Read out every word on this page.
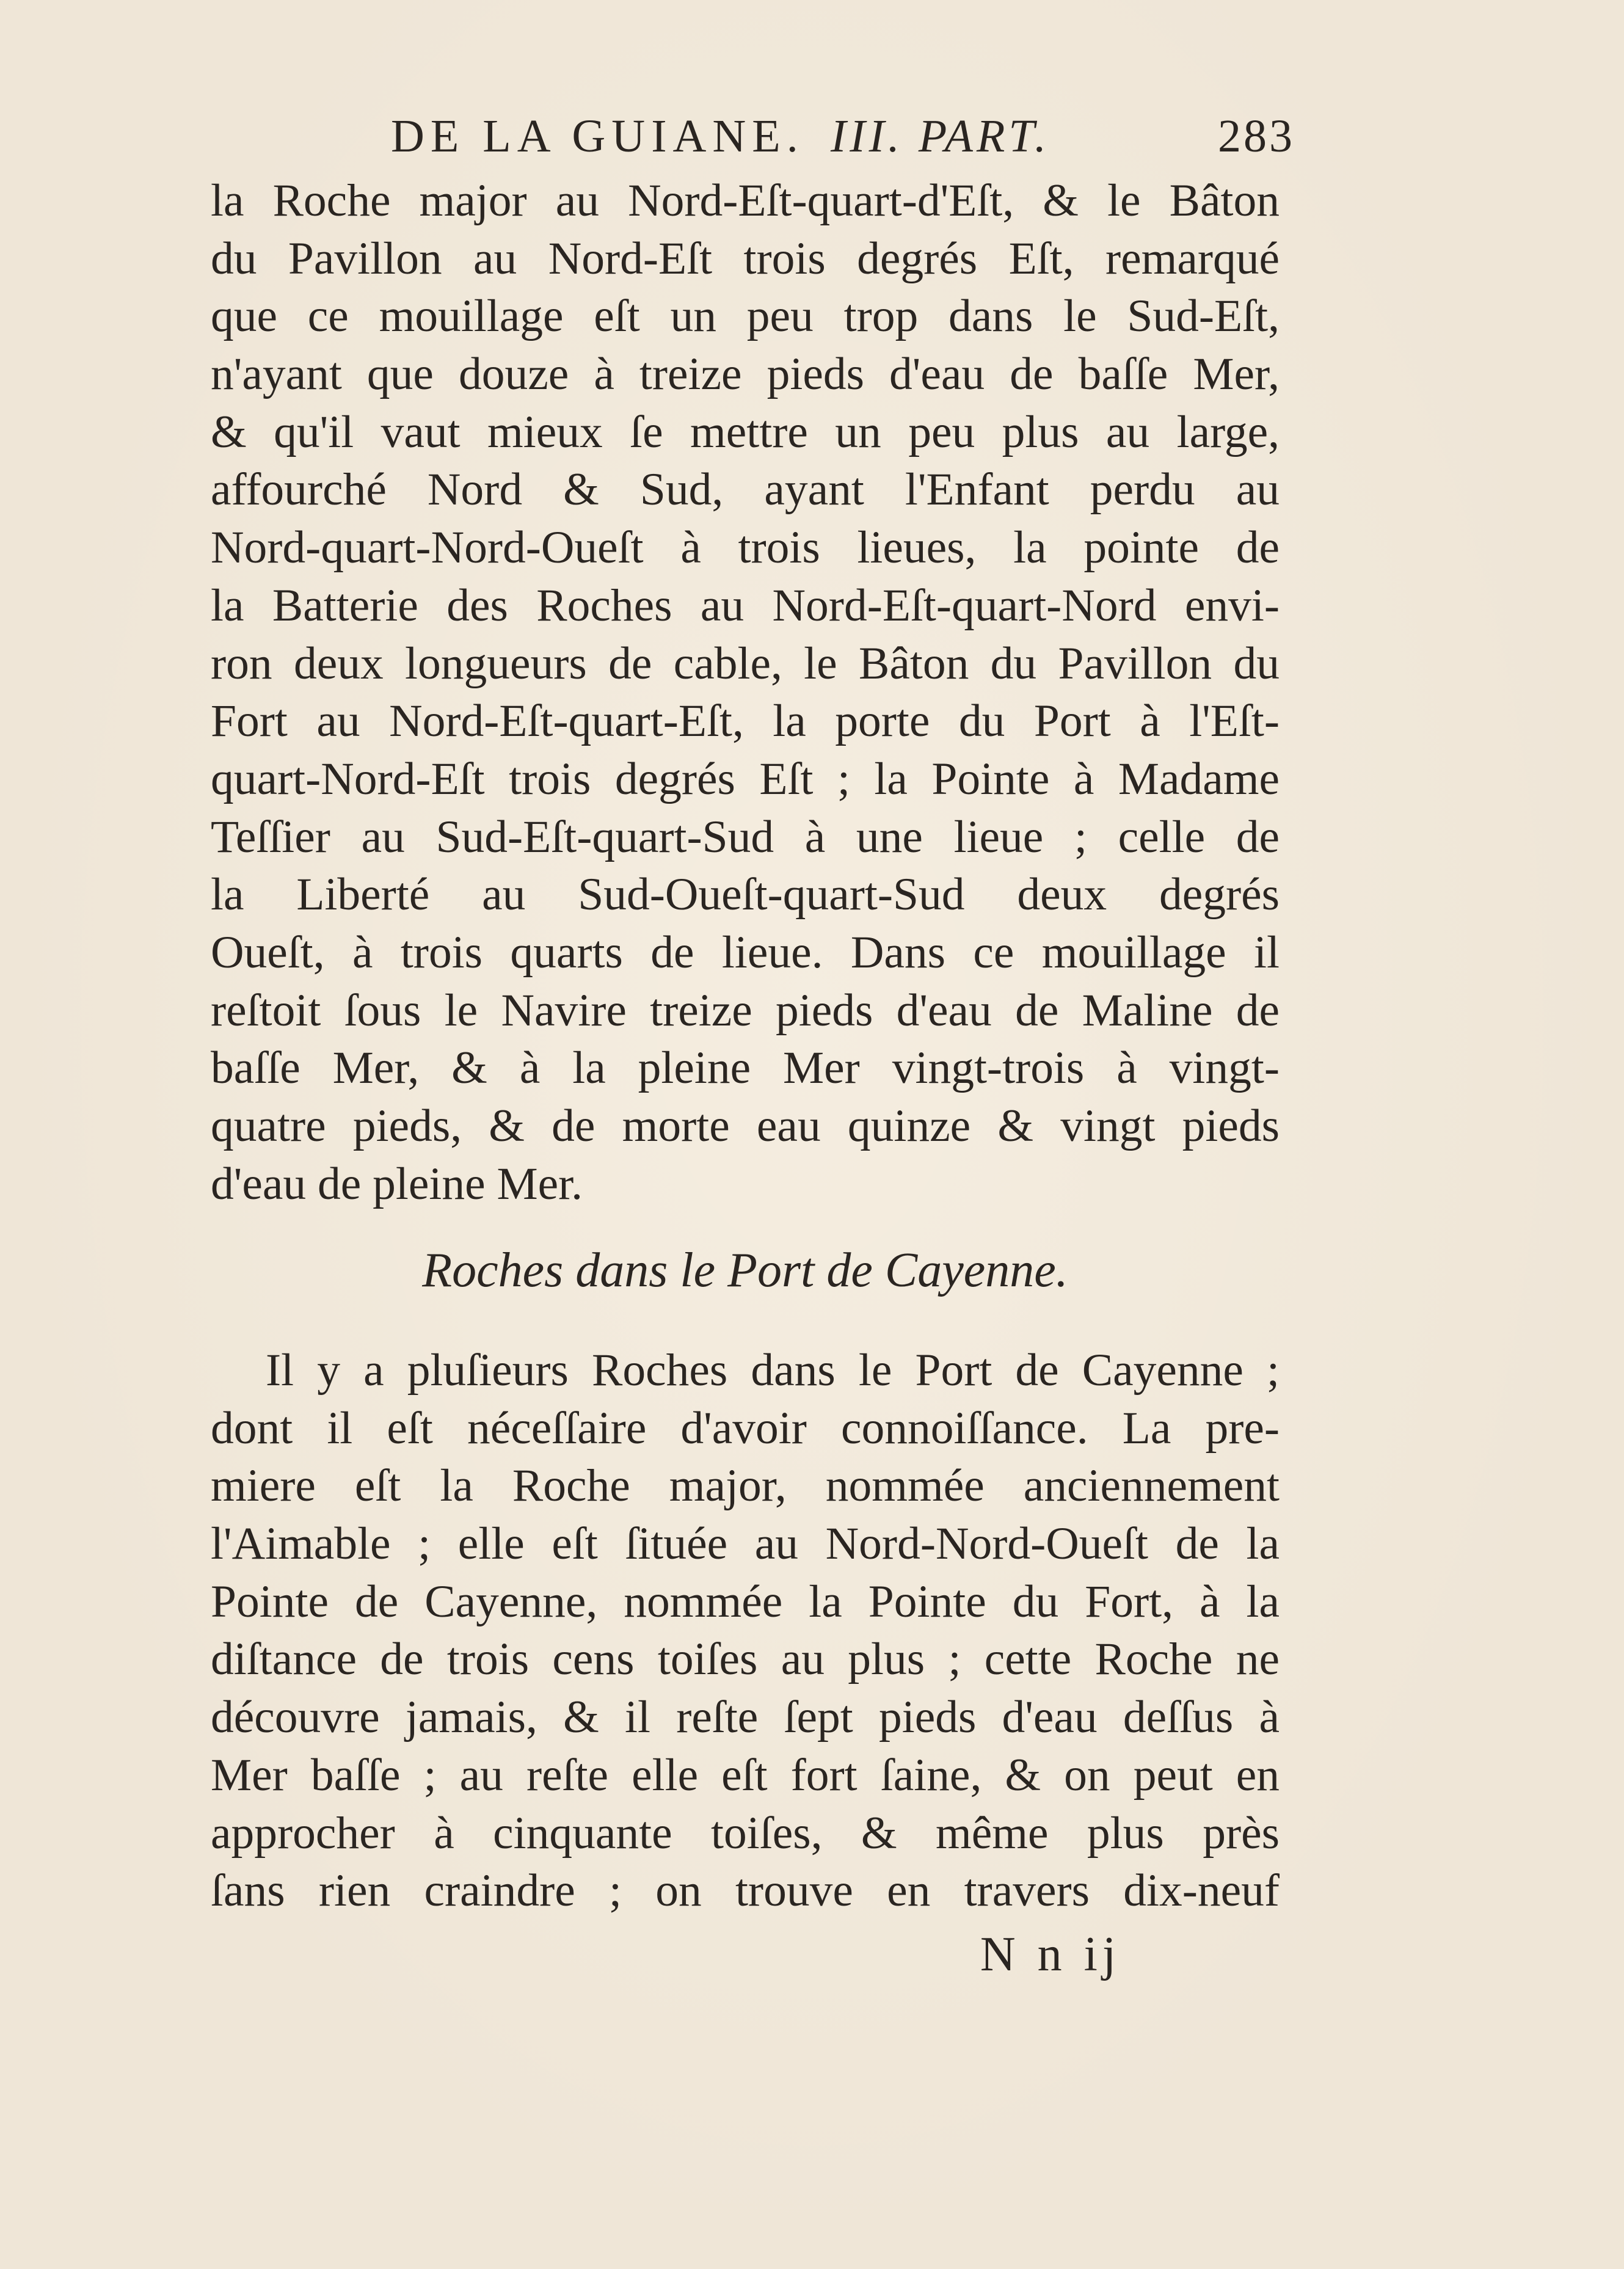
DE LA GUIANE. III. PART.	283
la Roche major au Nord-Eſt-quart-d'Eſt, & le Bâton
du Pavillon au Nord-Eſt trois degrés Eſt, remarqué
que ce mouillage eſt un peu trop dans le Sud-Eſt,
n'ayant que douze à treize pieds d'eau de baſſe Mer,
& qu'il vaut mieux ſe mettre un peu plus au large,
affourché Nord & Sud, ayant l'Enfant perdu au
Nord-quart-Nord-Oueſt à trois lieues, la pointe de
la Batterie des Roches au Nord-Eſt-quart-Nord envi-
ron deux longueurs de cable, le Bâton du Pavillon du
Fort au Nord-Eſt-quart-Eſt, la porte du Port à l'Eſt-
quart-Nord-Eſt trois degrés Eſt ; la Pointe à Madame
Teſſier au Sud-Eſt-quart-Sud à une lieue ; celle de
la Liberté au Sud-Oueſt-quart-Sud deux degrés
Oueſt, à trois quarts de lieue. Dans ce mouillage il
reſtoit ſous le Navire treize pieds d'eau de Maline de
baſſe Mer, & à la pleine Mer vingt-trois à vingt-
quatre pieds, & de morte eau quinze & vingt pieds
d'eau de pleine Mer.
Roches dans le Port de Cayenne.
Il y a pluſieurs Roches dans le Port de Cayenne ;
dont il eſt néceſſaire d'avoir connoiſſance. La pre-
miere eſt la Roche major, nommée anciennement
l'Aimable ; elle eſt ſituée au Nord-Nord-Oueſt de la
Pointe de Cayenne, nommée la Pointe du Fort, à la
diſtance de trois cens toiſes au plus ; cette Roche ne
découvre jamais, & il reſte ſept pieds d'eau deſſus à
Mer baſſe ; au reſte elle eſt fort ſaine, & on peut en
approcher à cinquante toiſes, & même plus près
ſans rien craindre ; on trouve en travers dix-neuf
N n ij
